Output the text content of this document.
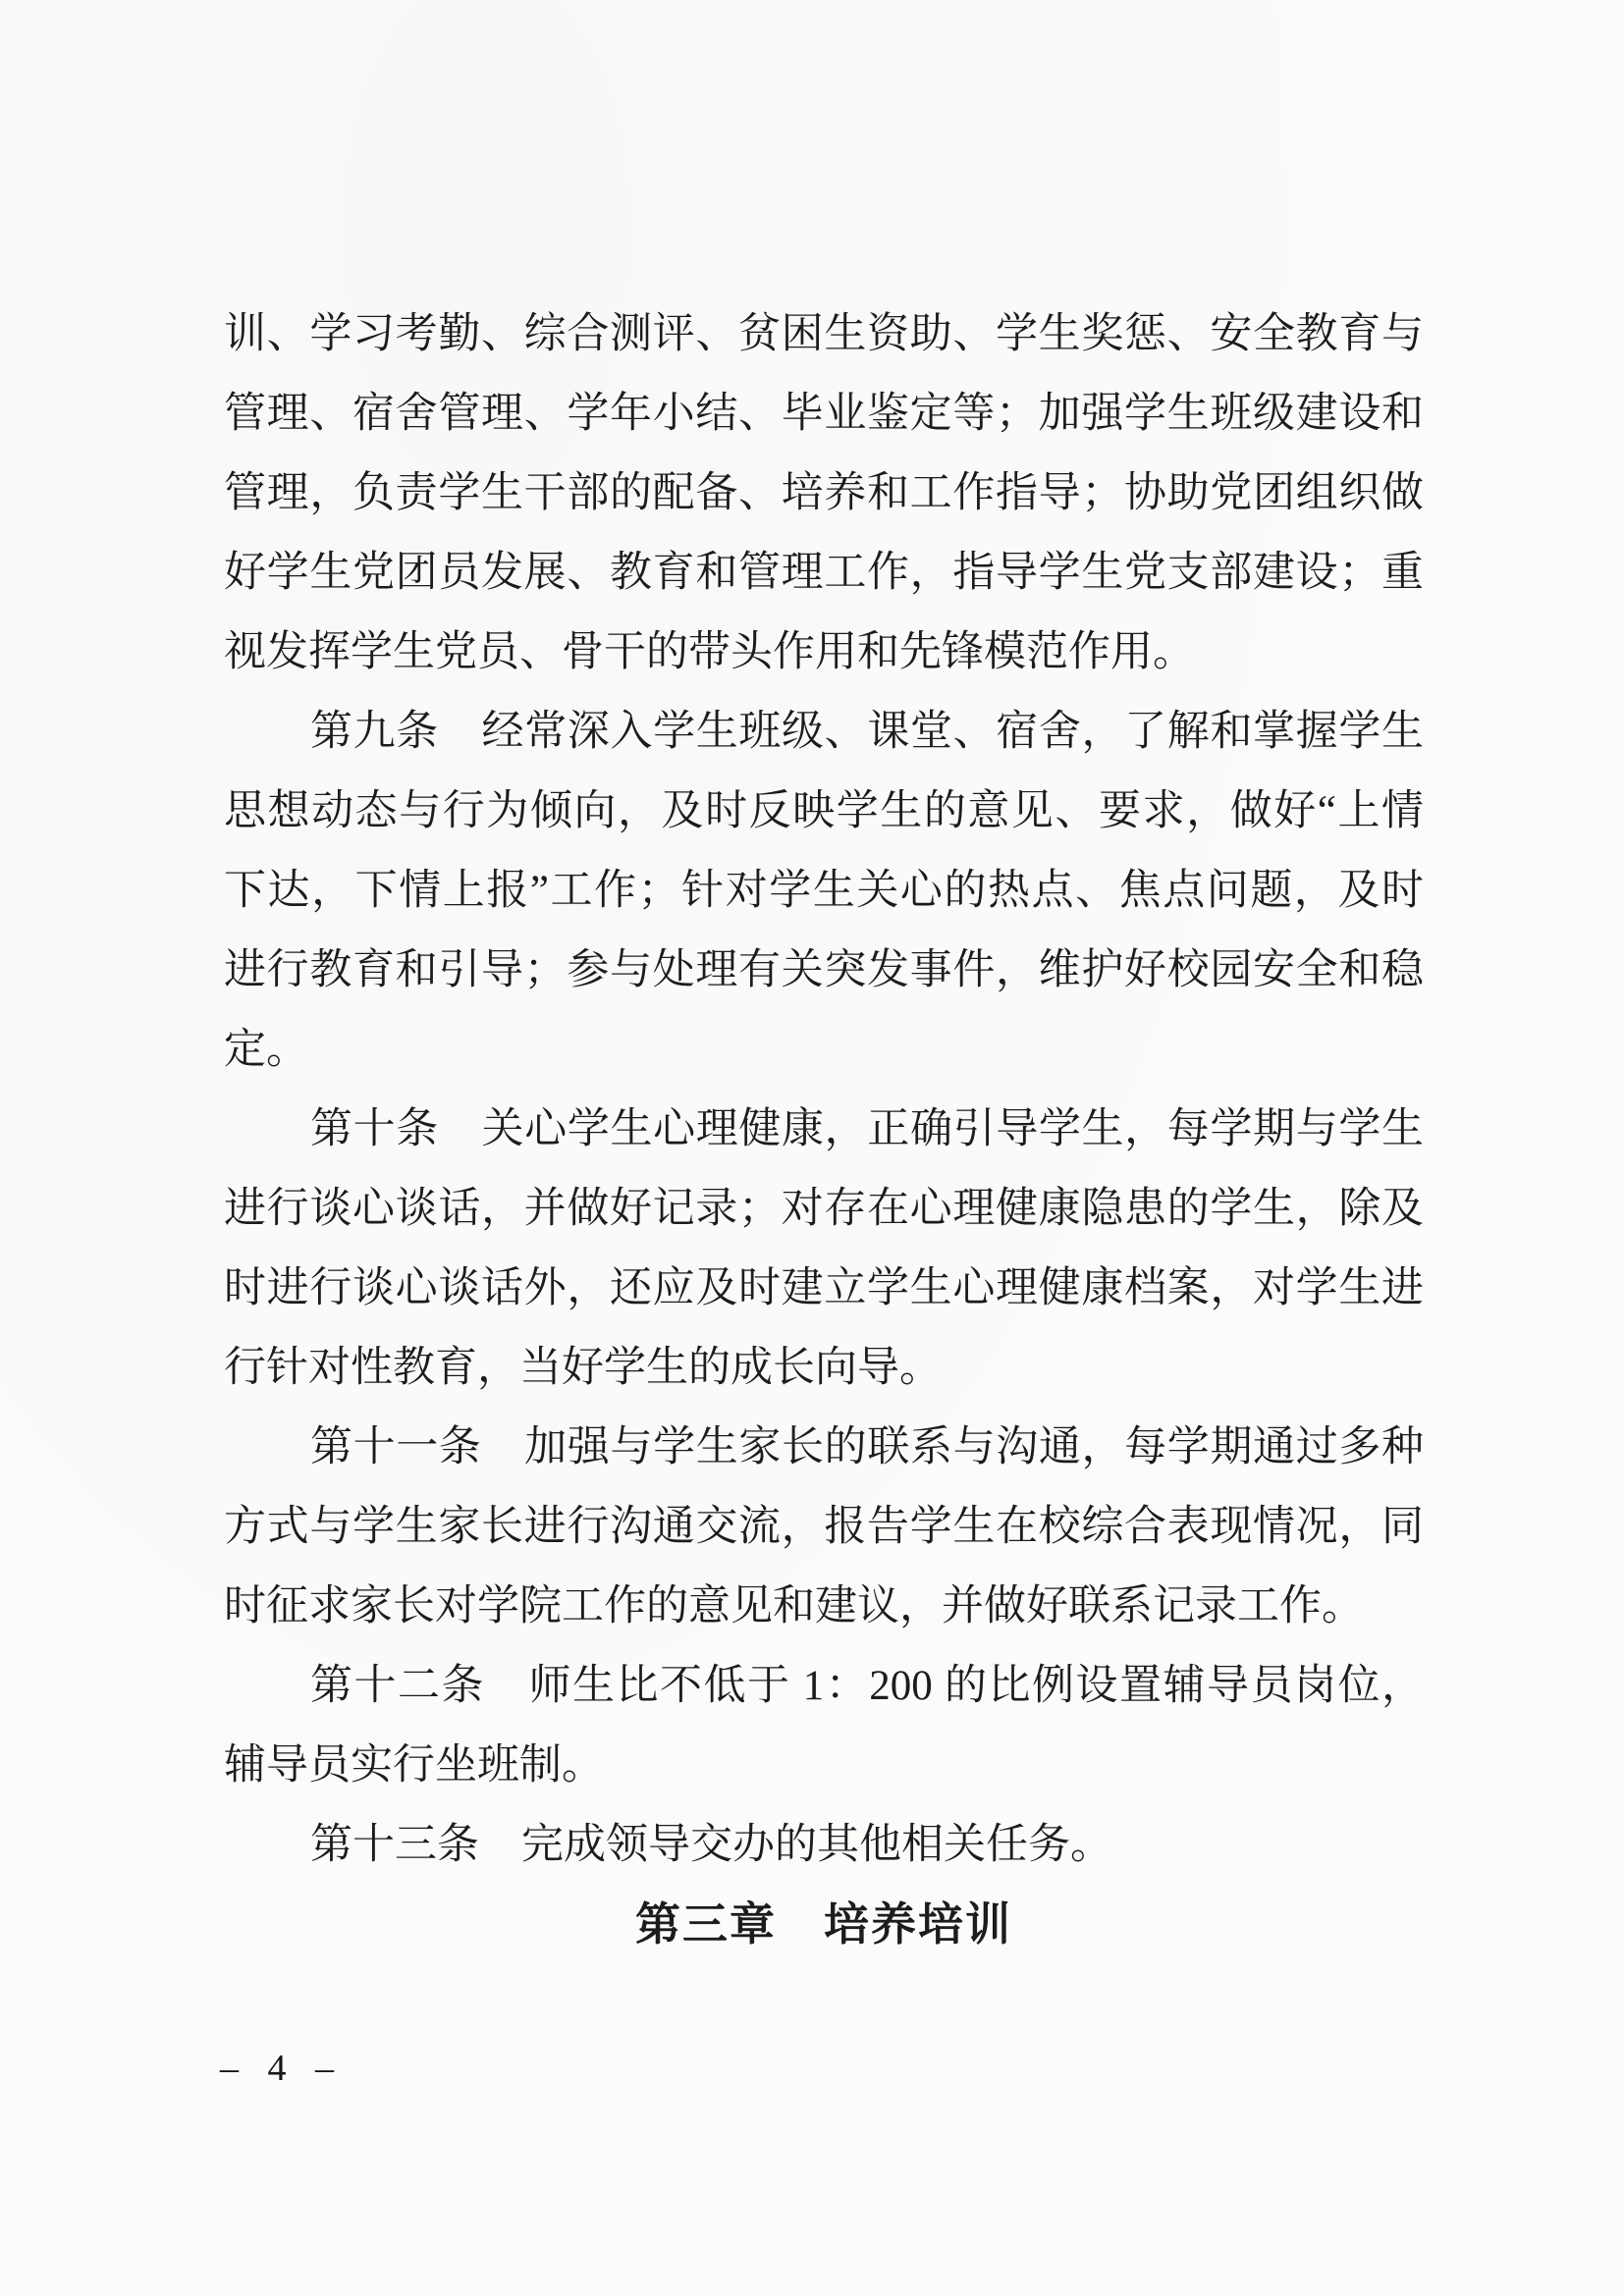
训、学习考勤、综合测评、贫困生资助、学生奖惩、安全教育与
管理、宿舍管理、学年小结、毕业鉴定等；加强学生班级建设和
管理，负责学生干部的配备、培养和工作指导；协助党团组织做
好学生党团员发展、教育和管理工作，指导学生党支部建设；重
视发挥学生党员、骨干的带头作用和先锋模范作用。
第九条　经常深入学生班级、课堂、宿舍，了解和掌握学生
思想动态与行为倾向，及时反映学生的意见、要求，做好“上情
下达，下情上报”工作；针对学生关心的热点、焦点问题，及时
进行教育和引导；参与处理有关突发事件，维护好校园安全和稳
定。
第十条　关心学生心理健康，正确引导学生，每学期与学生
进行谈心谈话，并做好记录；对存在心理健康隐患的学生，除及
时进行谈心谈话外，还应及时建立学生心理健康档案，对学生进
行针对性教育，当好学生的成长向导。
第十一条　加强与学生家长的联系与沟通，每学期通过多种
方式与学生家长进行沟通交流，报告学生在校综合表现情况，同
时征求家长对学院工作的意见和建议，并做好联系记录工作。
第十二条　师生比不低于 1：200 的比例设置辅导员岗位，
辅导员实行坐班制。
第十三条　完成领导交办的其他相关任务。
第三章　培养培训
– 4 –
